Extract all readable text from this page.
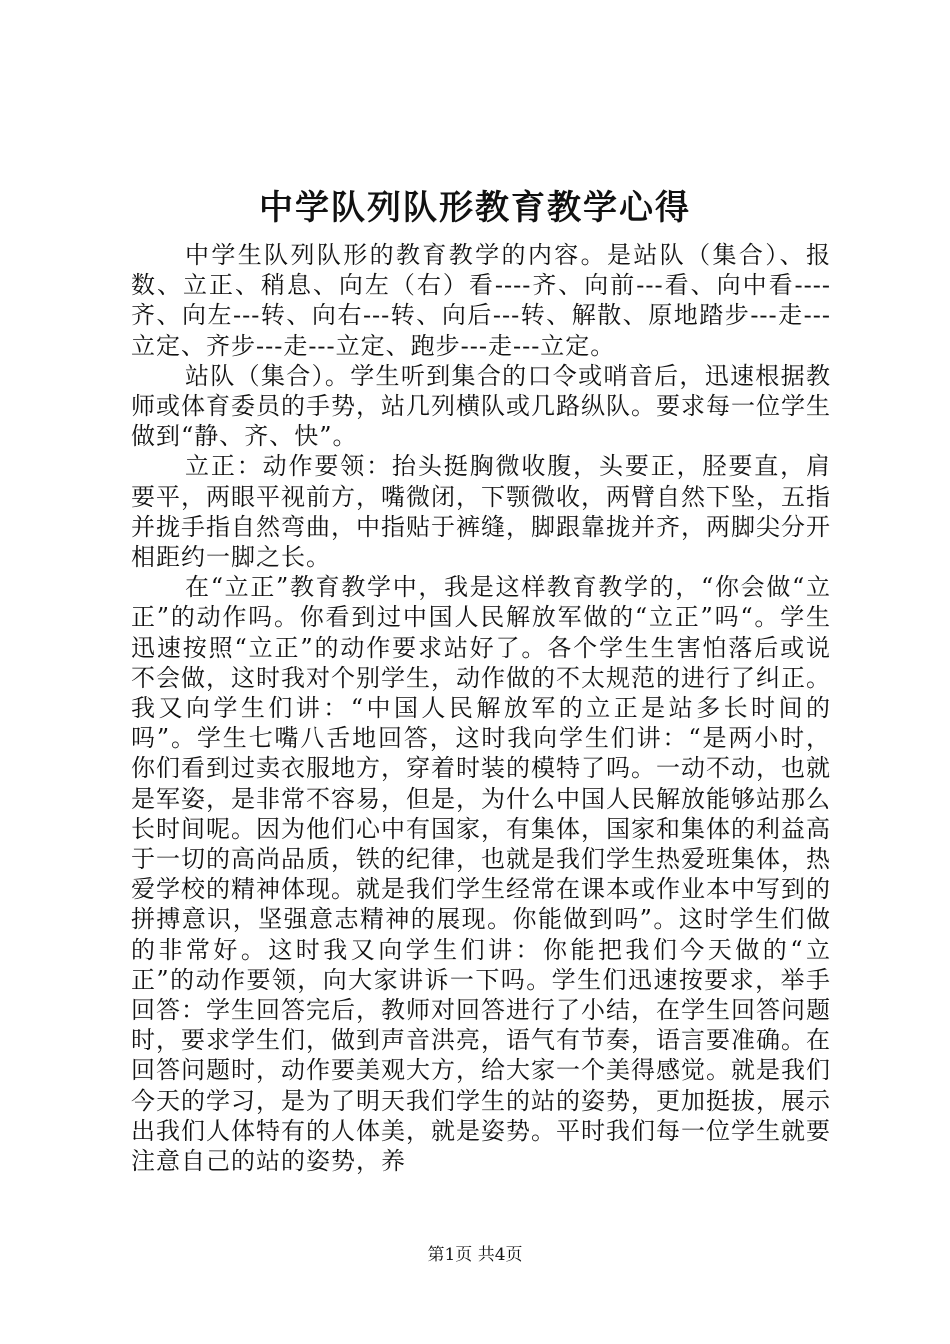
中学队列队形教育教学心得

中学生队列队形的教育教学的内容。是站队（集合）、报数、立正、稍息、向左（右）看----齐、向前---看、向中看----齐、向左---转、向右---转、向后---转、解散、原地踏步---走---立定、齐步---走---立定、跑步---走---立定。

站队（集合）。学生听到集合的口令或哨音后，迅速根据教师或体育委员的手势，站几列横队或几路纵队。要求每一位学生做到“静、齐、快”。

立正：动作要领：抬头挺胸微收腹，头要正，胫要直，肩要平，两眼平视前方，嘴微闭，下颚微收，两臂自然下坠，五指并拢手指自然弯曲，中指贴于裤缝，脚跟靠拢并齐，两脚尖分开相距约一脚之长。

在“立正”教育教学中，我是这样教育教学的，“你会做“立正”的动作吗。你看到过中国人民解放军做的“立正”吗“。学生迅速按照“立正”的动作要求站好了。各个学生生害怕落后或说不会做，这时我对个别学生，动作做的不太规范的进行了纠正。我又向学生们讲：“中国人民解放军的立正是站多长时间的吗”。学生七嘴八舌地回答，这时我向学生们讲：“是两小时，你们看到过卖衣服地方，穿着时装的模特了吗。一动不动，也就是军姿，是非常不容易，但是，为什么中国人民解放能够站那么长时间呢。因为他们心中有国家，有集体，国家和集体的利益高于一切的高尚品质，铁的纪律，也就是我们学生热爱班集体，热爱学校的精神体现。就是我们学生经常在课本或作业本中写到的拼搏意识，坚强意志精神的展现。你能做到吗”。这时学生们做的非常好。这时我又向学生们讲：你能把我们今天做的“立正”的动作要领，向大家讲诉一下吗。学生们迅速按要求，举手回答：学生回答完后，教师对回答进行了小结，在学生回答问题时，要求学生们，做到声音洪亮，语气有节奏，语言要准确。在回答问题时，动作要美观大方，给大家一个美得感觉。就是我们今天的学习，是为了明天我们学生的站的姿势，更加挺拔，展示出我们人体特有的人体美，就是姿势。平时我们每一位学生就要注意自己的站的姿势，养

第1页 共4页
